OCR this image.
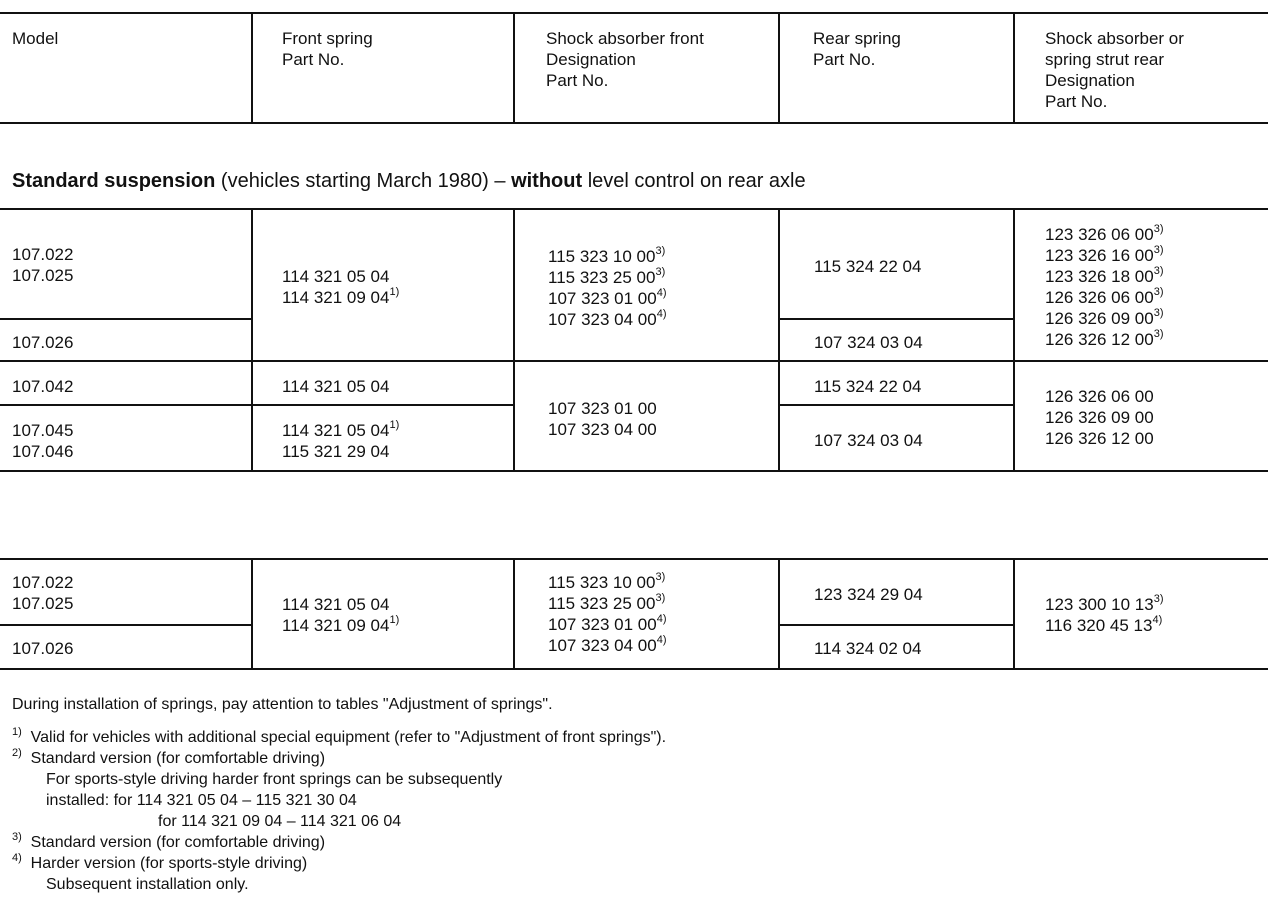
Model	Front spring
Part No.
Shock absorber front
Designation
Part No.
Rear spring
Part No.
Shock absorber or
spring strut rear
Designation
Part No.
Standard suspension (vehicles starting March 1980) – without level control on rear axle
107.022
107.025
107.026
114 321 05 04
114 321 09 04$^{1)}$
115 323 10 00$^{3)}$
115 323 25 00$^{3)}$
107 323 01 00$^{4)}$
107 323 04 00$^{4)}$
115 324 22 04
107 324 03 04
123 326 06 00$^{3)}$
123 326 16 00$^{3)}$
123 326 18 00$^{3)}$
126 326 06 00$^{3)}$
126 326 09 00$^{3)}$
126 326 12 00$^{3)}$
107.042
107.045
107.046
114 321 05 04
114 321 05 04$^{1)}$
115 321 29 04
107 323 01 00
107 323 04 00
115 324 22 04
107 324 03 04
126 326 06 00
126 326 09 00
126 326 12 00
107.022
107.025
107.026
114 321 05 04
114 321 09 04$^{1)}$
115 323 10 00$^{3)}$
115 323 25 00$^{3)}$
107 323 01 00$^{4)}$
107 323 04 00$^{4)}$
123 324 29 04
114 324 02 04
123 300 10 13$^{3)}$
116 320 45 13$^{4)}$
During installation of springs, pay attention to tables "Adjustment of springs".
$^{1)}$ Valid for vehicles with additional special equipment (refer to "Adjustment of front springs").
$^{2)}$ Standard version (for comfortable driving)
For sports-style driving harder front springs can be subsequently
installed: for 114 321 05 04 – 115 321 30 04
for 114 321 09 04 – 114 321 06 04
$^{3)}$ Standard version (for comfortable driving)
$^{4)}$ Harder version (for sports-style driving)
Subsequent installation only.
